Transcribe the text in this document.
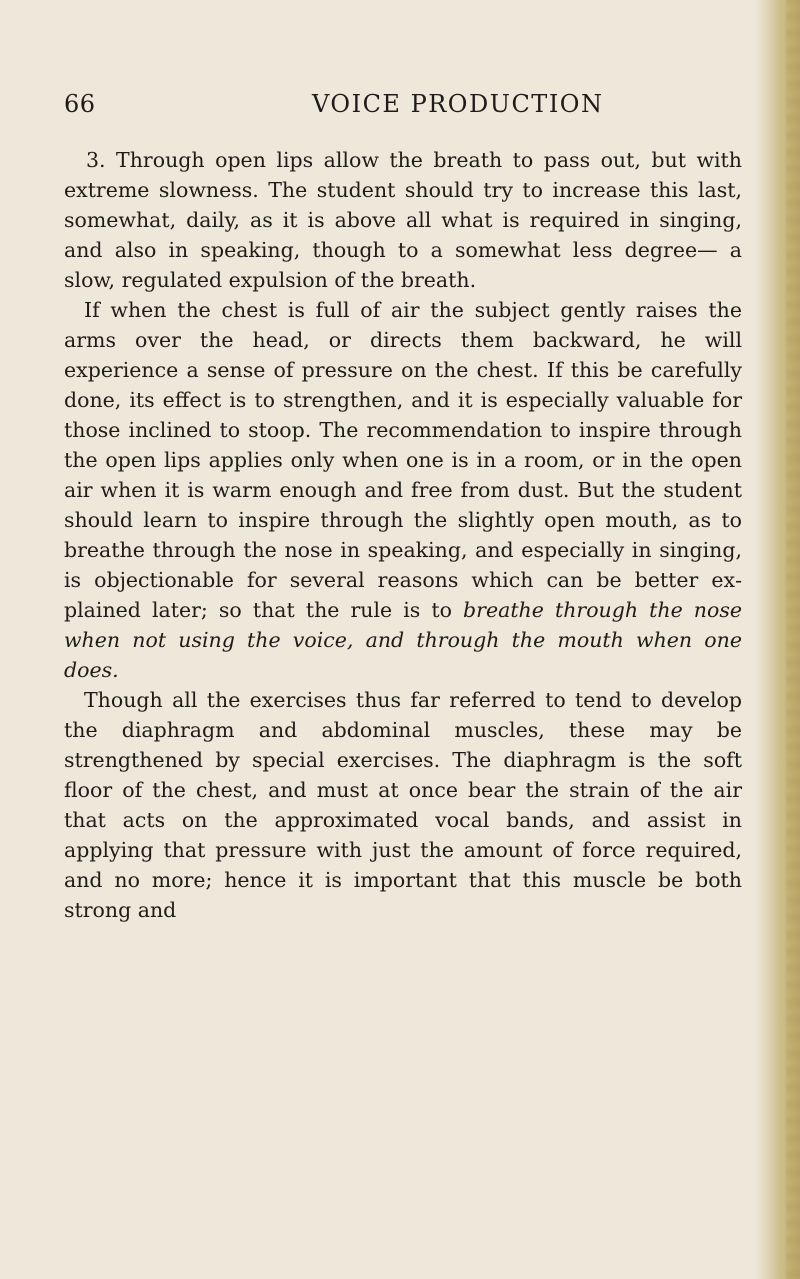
66	VOICE PRODUCTION

3. Through open lips allow the breath to pass out, but with extreme slowness. The student should try to increase this last, somewhat, daily, as it is above all what is required in singing, and also in speaking, though to a somewhat less degree— a slow, regulated expulsion of the breath.

If when the chest is full of air the subject gently raises the arms over the head, or directs them backward, he will experience a sense of pressure on the chest. If this be carefully done, its effect is to strengthen, and it is especially valuable for those inclined to stoop. The recommendation to inspire through the open lips applies only when one is in a room, or in the open air when it is warm enough and free from dust. But the student should learn to inspire through the slightly open mouth, as to breathe through the nose in speaking, and especially in singing, is objectionable for several reasons which can be better explained later; so that the rule is to breathe through the nose when not using the voice, and through the mouth when one does.

Though all the exercises thus far referred to tend to develop the diaphragm and abdominal muscles, these may be strengthened by special exercises. The diaphragm is the soft floor of the chest, and must at once bear the strain of the air that acts on the approximated vocal bands, and assist in applying that pressure with just the amount of force required, and no more; hence it is important that this muscle be both strong and
